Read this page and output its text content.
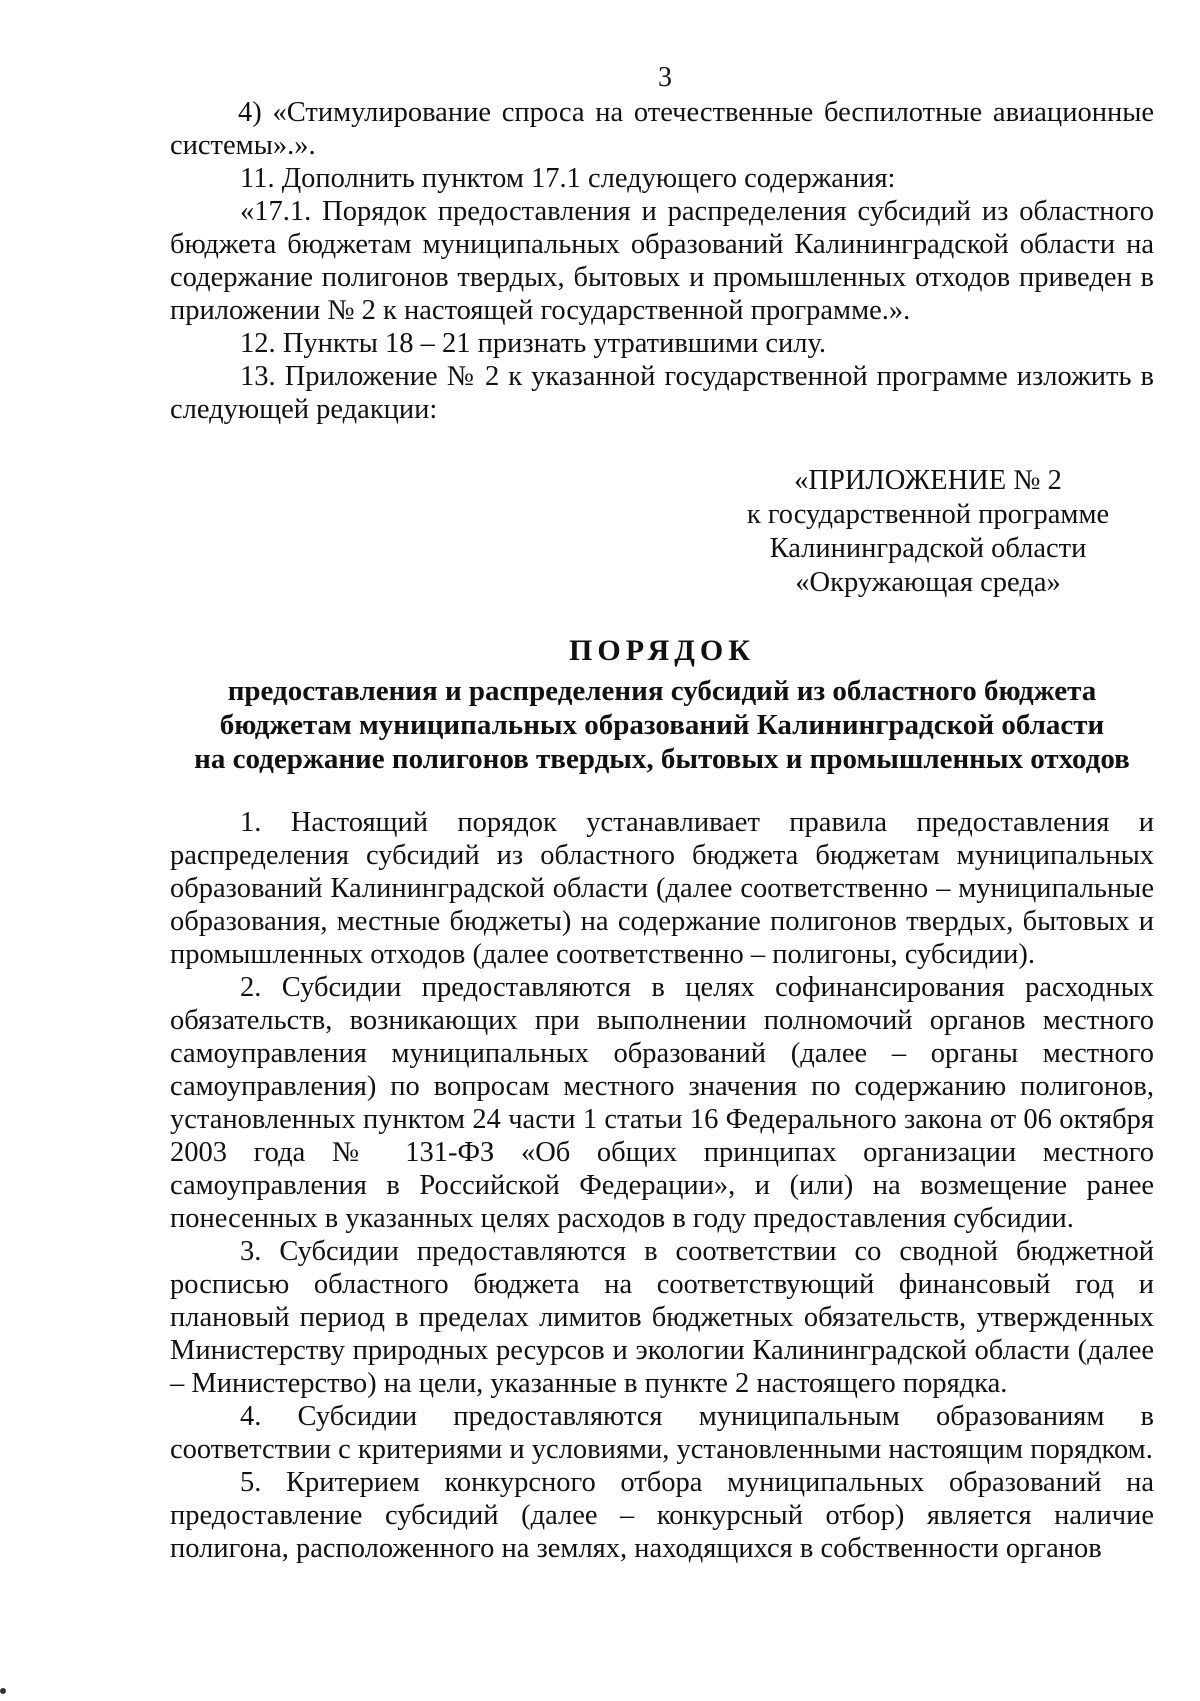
3

4) «Стимулирование спроса на отечественные беспилотные авиационные системы».».

11. Дополнить пунктом 17.1 следующего содержания:

«17.1. Порядок предоставления и распределения субсидий из областного бюджета бюджетам муниципальных образований Калининградской области на содержание полигонов твердых, бытовых и промышленных отходов приведен в приложении № 2 к настоящей государственной программе.».

12. Пункты 18 – 21 признать утратившими силу.

13. Приложение № 2 к указанной государственной программе изложить в следующей редакции:

«ПРИЛОЖЕНИЕ № 2
к государственной программе
Калининградской области
«Окружающая среда»
ПОРЯДОК
предоставления и распределения субсидий из областного бюджета
бюджетам муниципальных образований Калининградской области
на содержание полигонов твердых, бытовых и промышленных отходов

1. Настоящий порядок устанавливает правила предоставления и распределения субсидий из областного бюджета бюджетам муниципальных образований Калининградской области (далее соответственно – муниципальные образования, местные бюджеты) на содержание полигонов твердых, бытовых и промышленных отходов (далее соответственно – полигоны, субсидии).

2. Субсидии предоставляются в целях софинансирования расходных обязательств, возникающих при выполнении полномочий органов местного самоуправления муниципальных образований (далее – органы местного самоуправления) по вопросам местного значения по содержанию полигонов, установленных пунктом 24 части 1 статьи 16 Федерального закона от 06 октября 2003 года № 131-ФЗ «Об общих принципах организации местного самоуправления в Российской Федерации», и (или) на возмещение ранее понесенных в указанных целях расходов в году предоставления субсидии.

3. Субсидии предоставляются в соответствии со сводной бюджетной росписью областного бюджета на соответствующий финансовый год и плановый период в пределах лимитов бюджетных обязательств, утвержденных Министерству природных ресурсов и экологии Калининградской области (далее – Министерство) на цели, указанные в пункте 2 настоящего порядка.

4. Субсидии предоставляются муниципальным образованиям в соответствии с критериями и условиями, установленными настоящим порядком.

5. Критерием конкурсного отбора муниципальных образований на предоставление субсидий (далее – конкурсный отбор) является наличие полигона, расположенного на землях, находящихся в собственности органов
